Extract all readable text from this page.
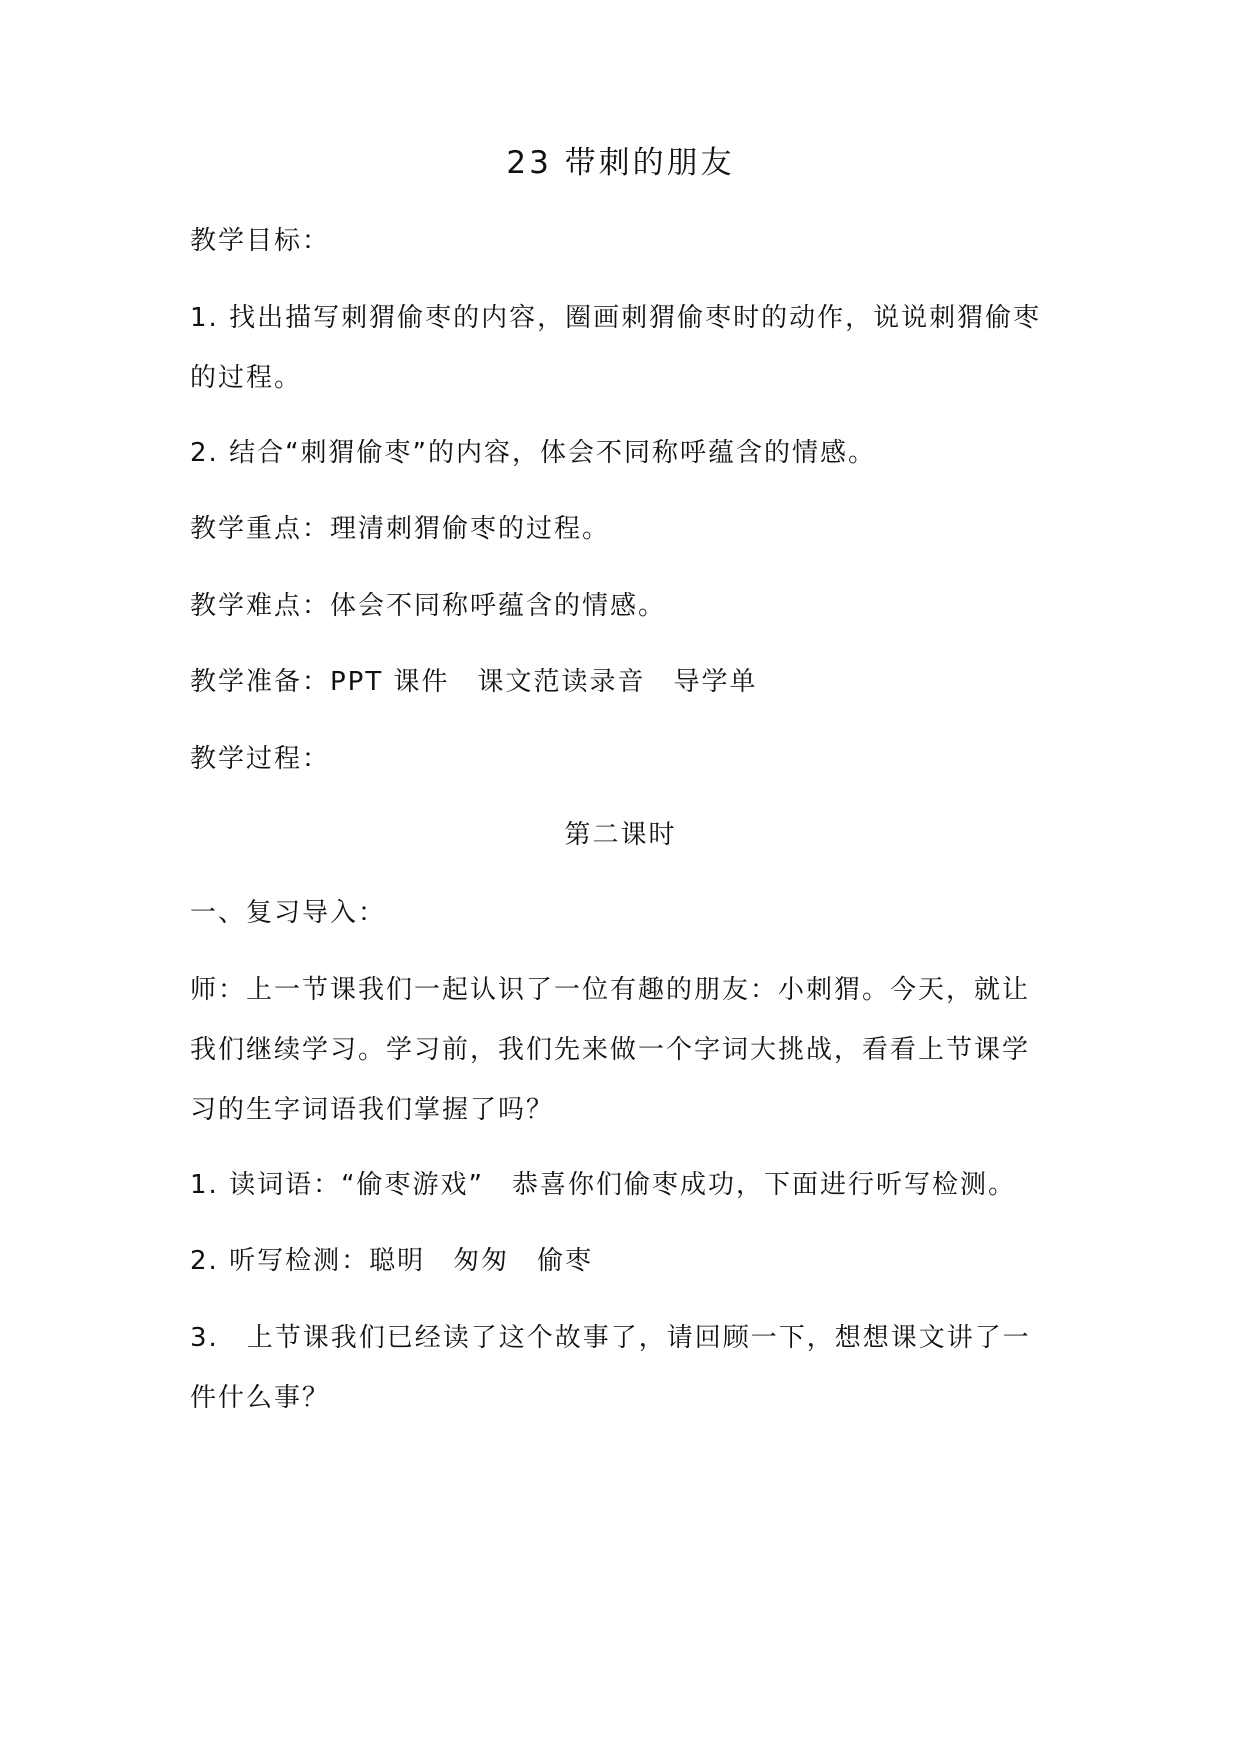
23 带刺的朋友
教学目标：
1. 找出描写刺猬偷枣的内容，圈画刺猬偷枣时的动作，说说刺猬偷枣
的过程。
2. 结合“刺猬偷枣”的内容，体会不同称呼蕴含的情感。
教学重点：理清刺猬偷枣的过程。
教学难点：体会不同称呼蕴含的情感。
教学准备：PPT 课件　课文范读录音　导学单
教学过程：
第二课时
一、复习导入：
师：上一节课我们一起认识了一位有趣的朋友：小刺猬。今天，就让
我们继续学习。学习前，我们先来做一个字词大挑战，看看上节课学
习的生字词语我们掌握了吗？
1. 读词语：“偷枣游戏”　恭喜你们偷枣成功，下面进行听写检测。
2. 听写检测：聪明　匆匆　偷枣
3.　上节课我们已经读了这个故事了，请回顾一下，想想课文讲了一
件什么事？
